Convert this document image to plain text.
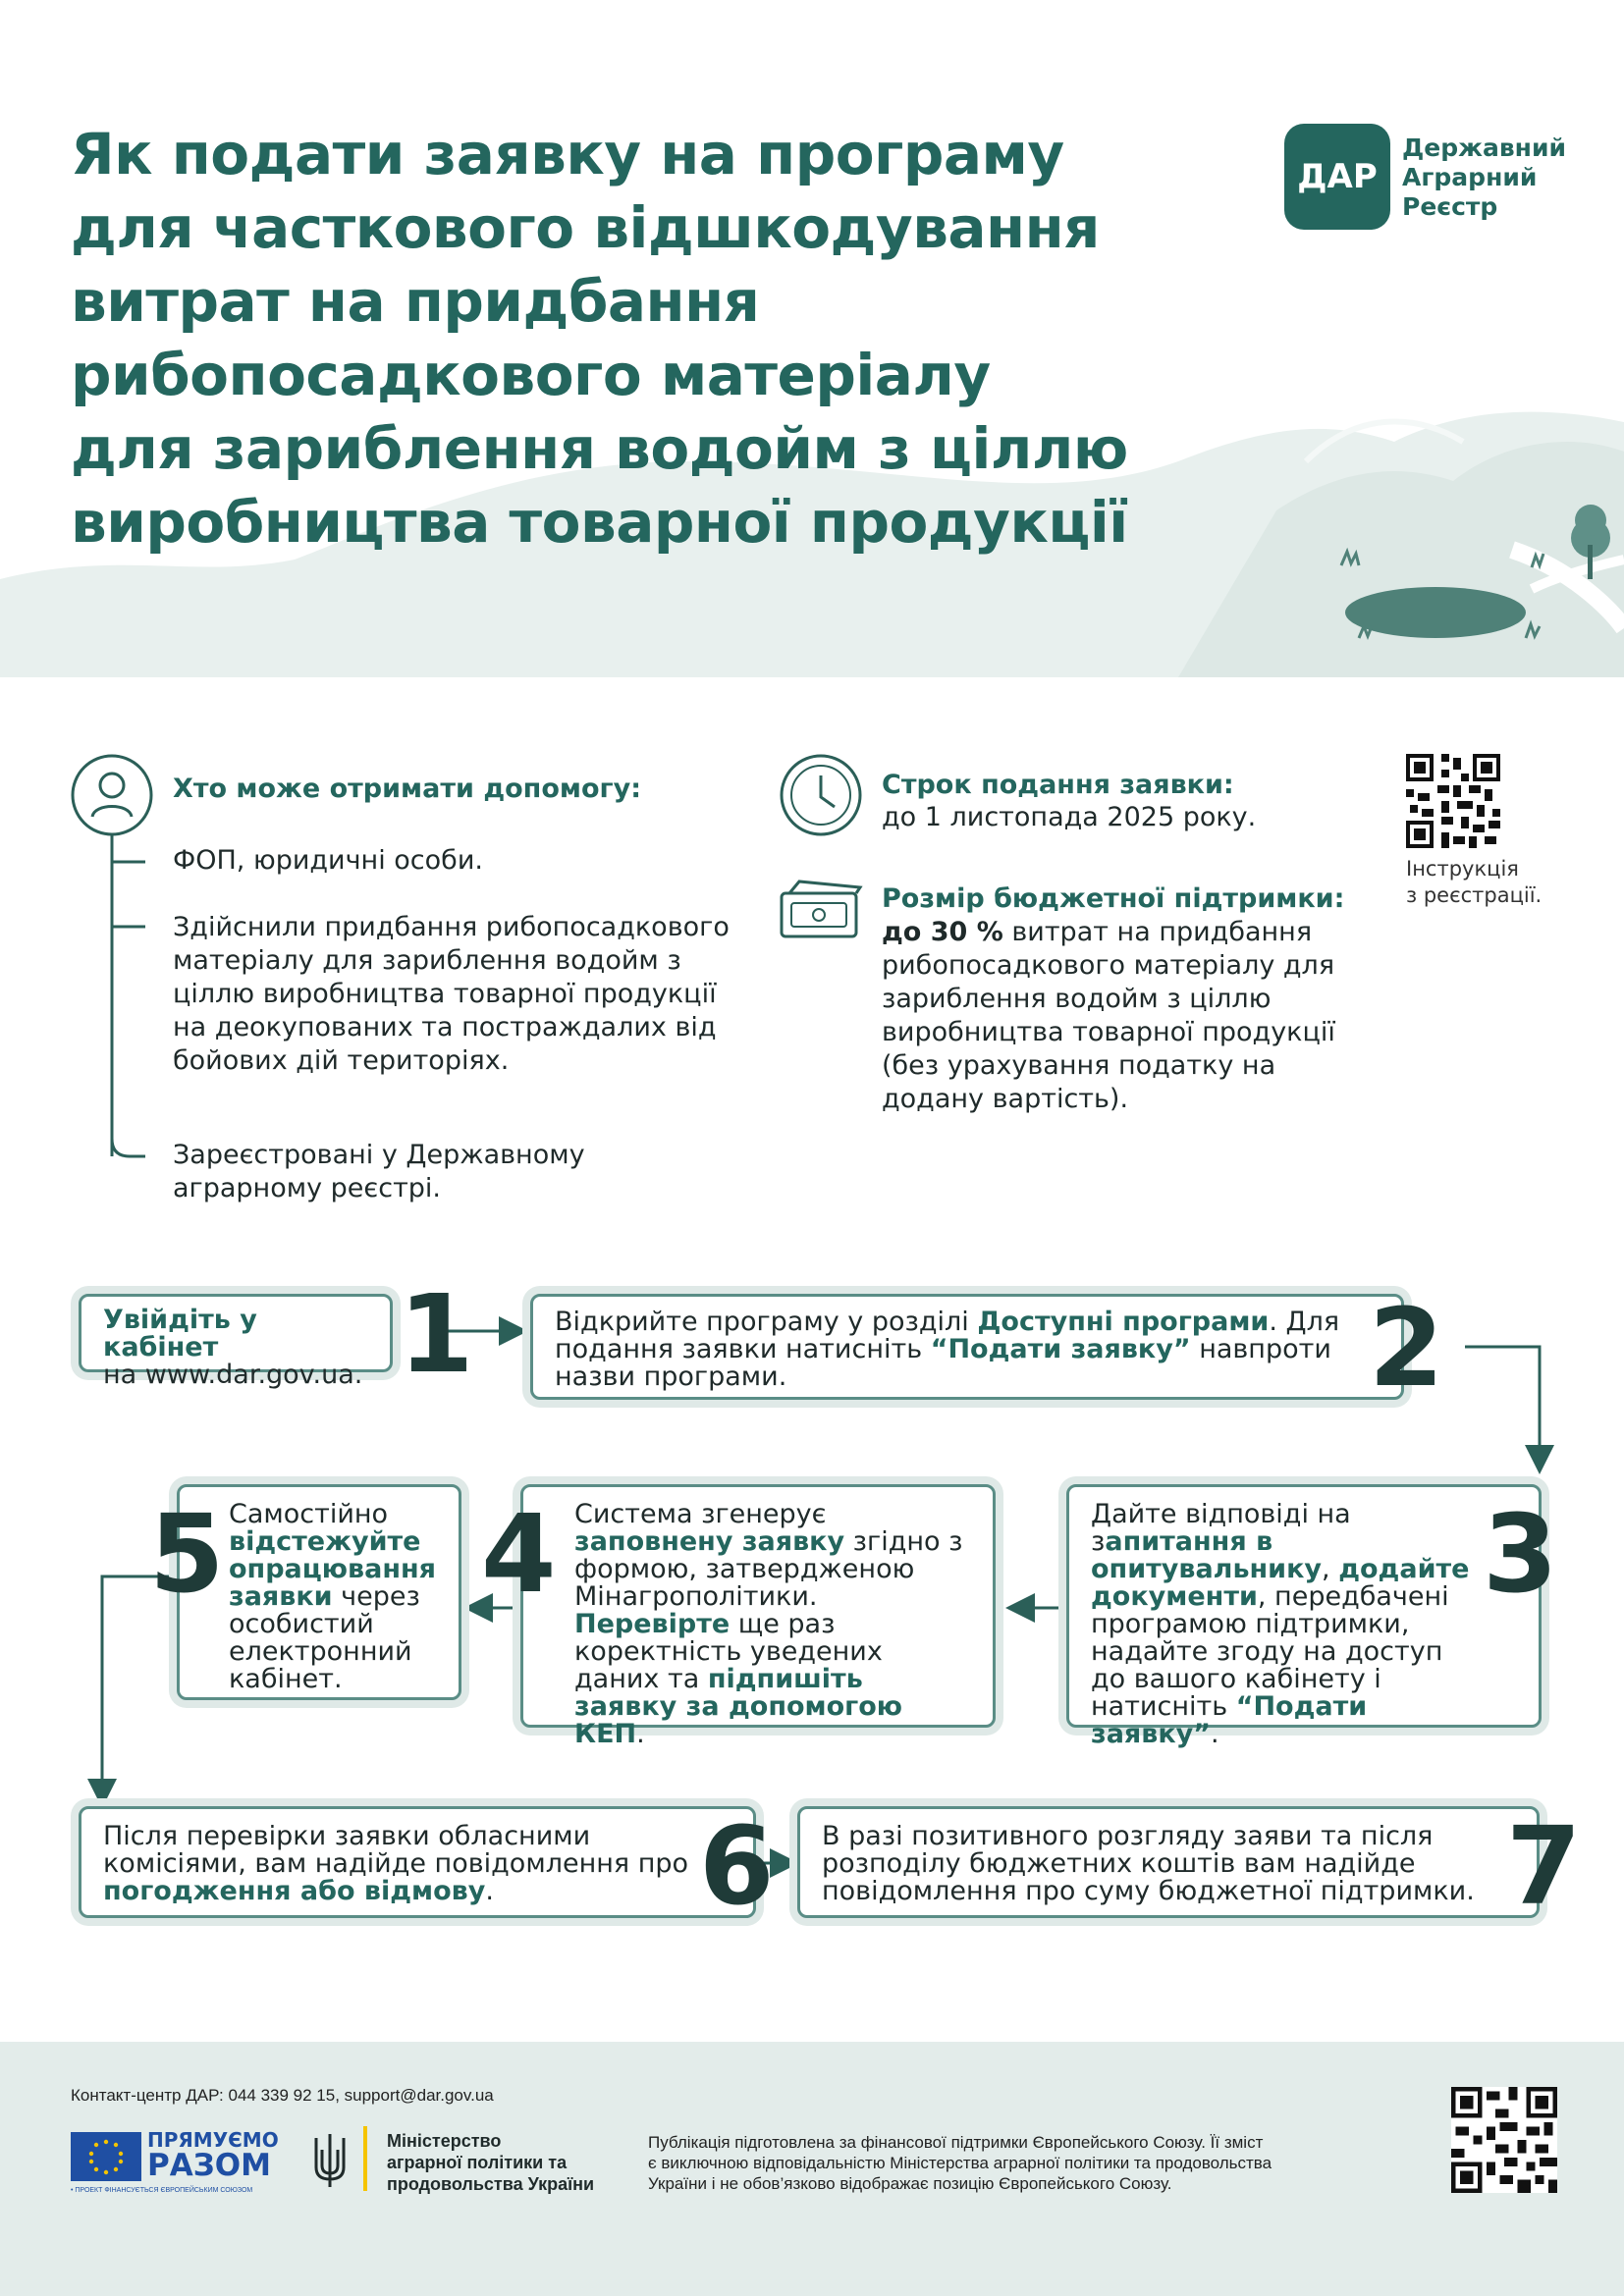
Як подати заявку на програму
для часткового відшкодування
витрат на придбання
рибопосадкового матеріалу
для зариблення водойм з ціллю
виробництва товарної продукції
ДАР
Державний
Аграрний
Реєстр
Хто може отримати допомогу:
ФОП, юридичні особи.
Здійснили придбання рибопосадкового матеріалу для зариблення водойм з ціллю виробництва товарної продукції на деокупованих та постраждалих від бойових дій територіях.
Зареєстровані у Державному аграрному реєстрі.
Строк подання заявки:
до 1 листопада 2025 року.
Розмір бюджетної підтримки:
до 30 % витрат на придбання рибопосадкового матеріалу для зариблення водойм з ціллю виробництва товарної продукції (без урахування податку на додану вартість).
Інструкція
з реєстрації.
Увійдіть у кабінет
на www.dar.gov.ua. 1	Відкрийте програму у розділі Доступні програми. Для подання заявки натисніть “Подати заявку” навпроти назви програми.	2
Дайте відповіді на запитання в опитувальнику, додайте документи, передбачені програмою підтримки, надайте згоду на доступ до вашого кабінету і натисніть “Подати заявку”.
3
Система згенерує заповнену заявку згідно з формою, затвердженою Мінагрополітики. Перевірте ще раз коректність уведених даних та підпишіть заявку за допомогою КЕП.
4
Самостійно відстежуйте опрацювання заявки через особистий електронний кабінет.
5
Після перевірки заявки обласними комісіями, вам надійде повідомлення про погодження або відмову.	6	В разі позитивного розгляду заяви та після розподілу бюджетних коштів вам надійде повідомлення про суму бюджетної підтримки. 7
Контакт-центр ДАР: 044 339 92 15, support@dar.gov.ua
ПРЯМУЄМО
РАЗОМ
• ПРОЕКТ ФІНАНСУЄТЬСЯ ЄВРОПЕЙСЬКИМ СОЮЗОМ
Міністерство
аграрної політики та
продовольства України
Публікація підготовлена за фінансової підтримки Європейського Союзу. Її зміст
є виключною відповідальністю Міністерства аграрної політики та продовольства
України і не обов’язково відображає позицію Європейського Союзу.
